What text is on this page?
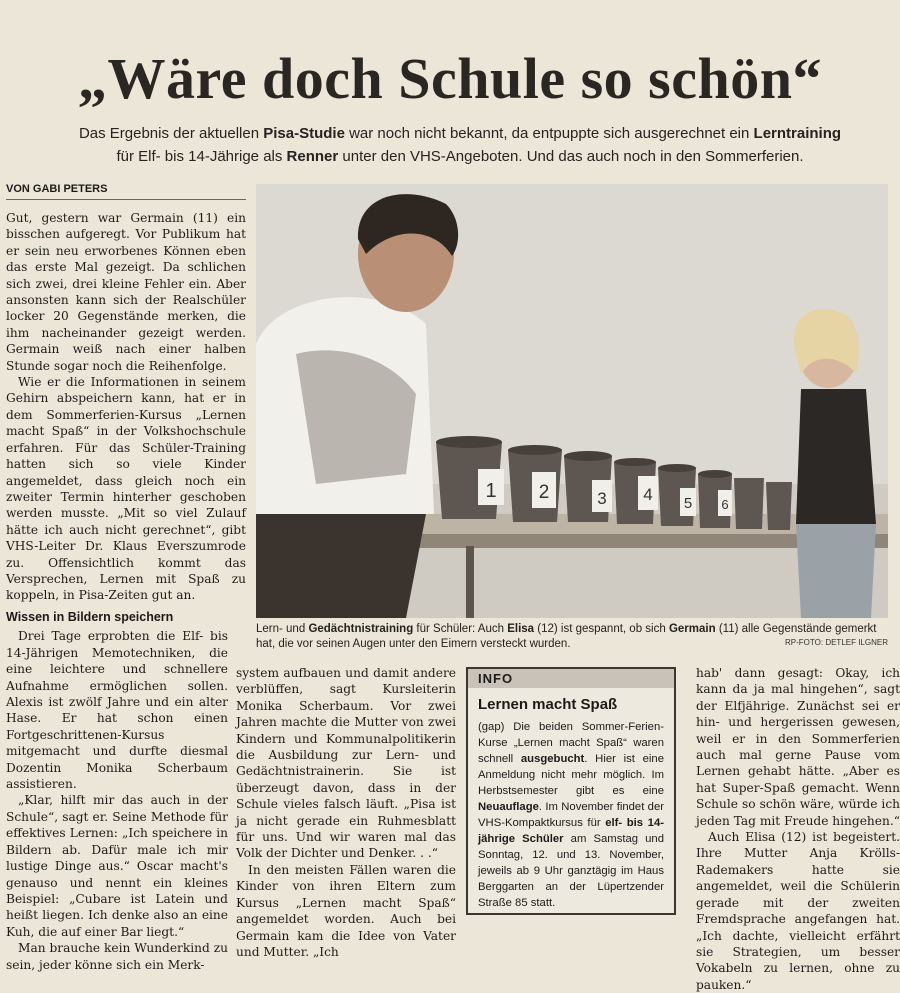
„Wäre doch Schule so schön“
Das Ergebnis der aktuellen Pisa-Studie war noch nicht bekannt, da entpuppte sich ausgerechnet ein Lerntraining
für Elf- bis 14-Jährige als Renner unter den VHS-Angeboten. Und das auch noch in den Sommerferien.
VON GABI PETERS

Gut, gestern war Germain (11) ein bisschen aufgeregt. Vor Publikum hat er sein neu erworbenes Können eben das erste Mal gezeigt. Da schlichen sich zwei, drei kleine Fehler ein. Aber ansonsten kann sich der Realschüler locker 20 Gegenstände merken, die ihm nacheinander gezeigt werden. Germain weiß nach einer halben Stunde sogar noch die Reihenfolge.

Wie er die Informationen in seinem Gehirn abspeichern kann, hat er in dem Sommerferien-Kursus „Lernen macht Spaß“ in der Volkshochschule erfahren. Für das Schüler-Training hatten sich so viele Kinder angemeldet, dass gleich noch ein zweiter Termin hinterher geschoben werden musste. „Mit so viel Zulauf hätte ich auch nicht gerechnet“, gibt VHS-Leiter Dr. Klaus Everszumrode zu. Offensichtlich kommt das Versprechen, Lernen mit Spaß zu koppeln, in Pisa-Zeiten gut an.

Wissen in Bildern speichern

Drei Tage erprobten die Elf- bis 14-Jährigen Memotechniken, die eine leichtere und schnellere Aufnahme ermöglichen sollen. Alexis ist zwölf Jahre und ein alter Hase. Er hat schon einen Fortgeschrittenen-Kursus mitgemacht und durfte diesmal Dozentin Monika Scherbaum assistieren.

„Klar, hilft mir das auch in der Schule“, sagt er. Seine Methode für effektives Lernen: „Ich speichere in Bildern ab. Dafür male ich mir lustige Dinge aus.“ Oscar macht's genauso und nennt ein kleines Beispiel: „Cubare ist Latein und heißt liegen. Ich denke also an eine Kuh, die auf einer Bar liegt.“

Man brauche kein Wunderkind zu sein, jeder könne sich ein Merk-

1 2	3 4 5 6
Lern- und Gedächtnistraining für Schüler: Auch Elisa (12) ist gespannt, ob sich Germain (11) alle Gegenstände gemerkt hat, die vor seinen Augen unter den Eimern versteckt wurden.	RP-FOTO: DETLEF ILGNER

system aufbauen und damit andere verblüffen, sagt Kursleiterin Monika Scherbaum. Vor zwei Jahren machte die Mutter von zwei Kindern und Kommunalpolitikerin die Ausbildung zur Lern- und Gedächtnistrainerin. Sie ist überzeugt davon, dass in der Schule vieles falsch läuft. „Pisa ist ja nicht gerade ein Ruhmesblatt für uns. Und wir waren mal das Volk der Dichter und Denker. . .“

In den meisten Fällen waren die Kinder von ihren Eltern zum Kursus „Lernen macht Spaß“ angemeldet worden. Auch bei Germain kam die Idee von Vater und Mutter. „Ich

INFO
Lernen macht Spaß
(gap) Die beiden Sommer-Ferien-Kurse „Lernen macht Spaß“ waren schnell ausgebucht. Hier ist eine Anmeldung nicht mehr möglich. Im Herbstsemester gibt es eine Neuauflage. Im November findet der VHS-Kompaktkursus für elf- bis 14-jährige Schüler am Samstag und Sonntag, 12. und 13. November, jeweils ab 9 Uhr ganztägig im Haus Berggarten an der Lüpertzender Straße 85 statt.

hab' dann gesagt: Okay, ich kann da ja mal hingehen“, sagt der Elfjährige. Zunächst sei er hin- und hergerissen gewesen, weil er in den Sommerferien auch mal gerne Pause vom Lernen gehabt hätte. „Aber es hat Super-Spaß gemacht. Wenn Schule so schön wäre, würde ich jeden Tag mit Freude hingehen.“

Auch Elisa (12) ist begeistert. Ihre Mutter Anja Krölls-Rademakers hatte sie angemeldet, weil die Schülerin gerade mit der zweiten Fremdsprache angefangen hat. „Ich dachte, vielleicht erfährt sie Strategien, um besser Vokabeln zu lernen, ohne zu pauken.“
